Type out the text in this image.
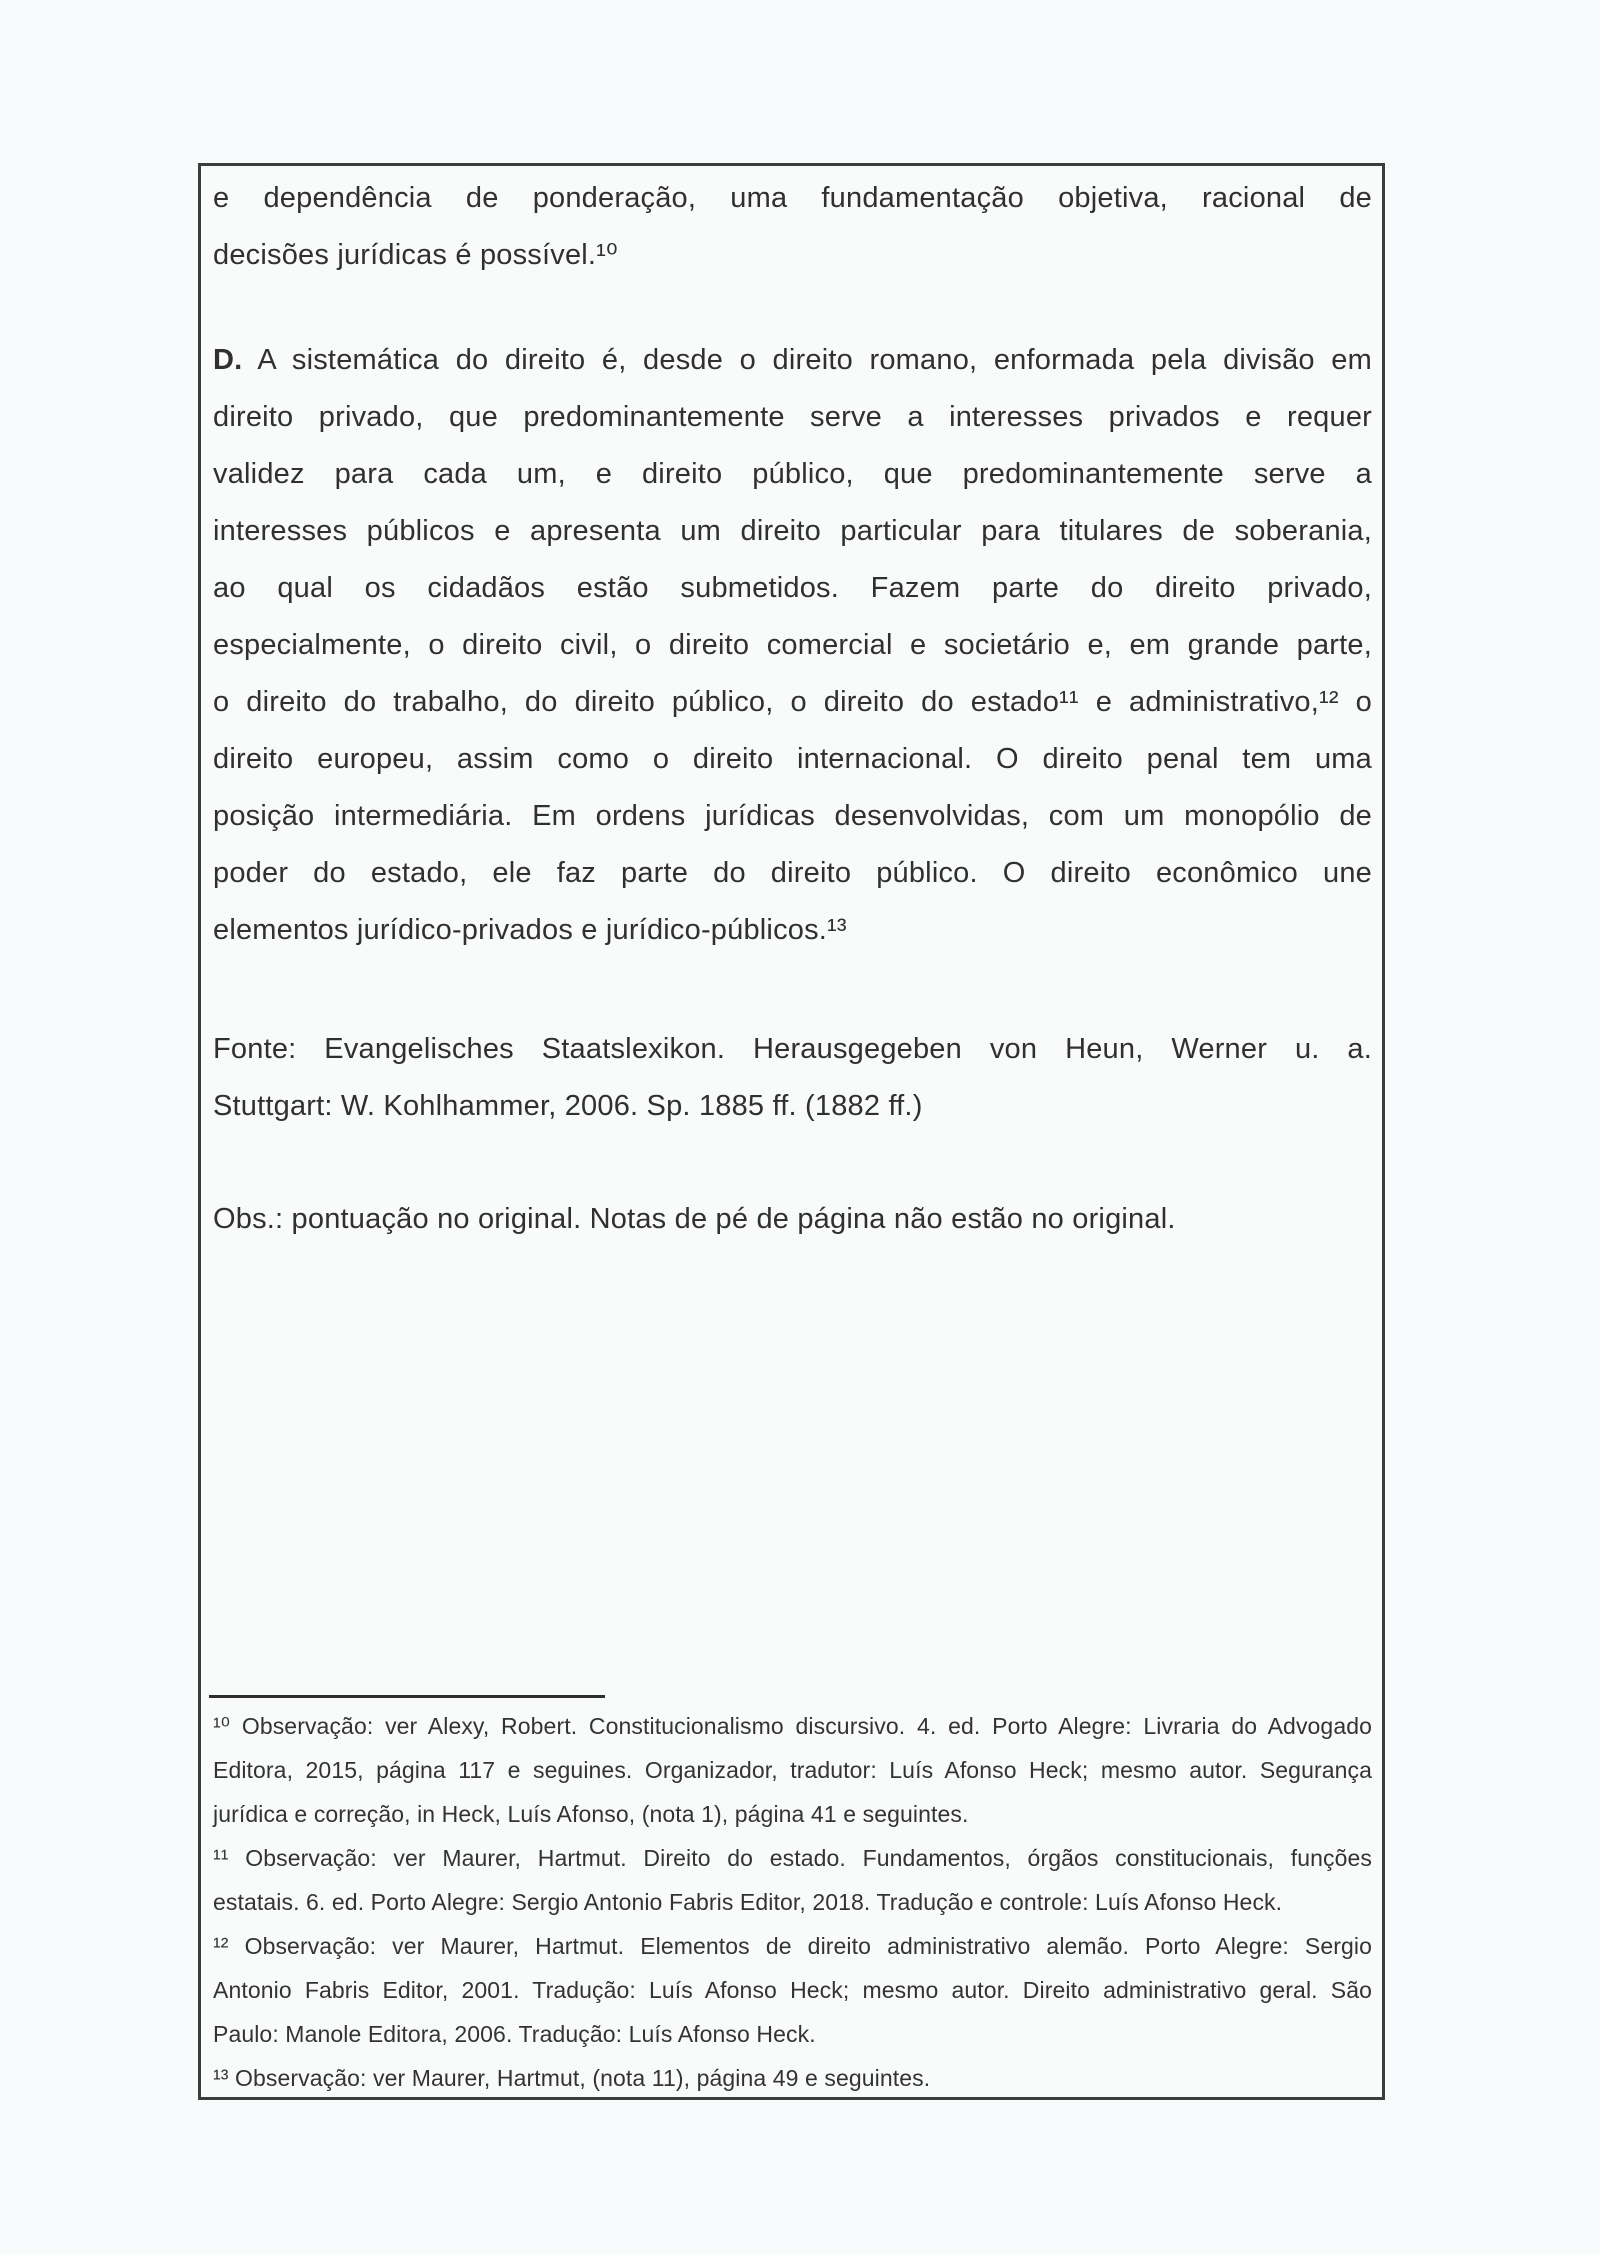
e dependência de ponderação, uma fundamentação objetiva, racional de
decisões jurídicas é possível.¹⁰
D. A sistemática do direito é, desde o direito romano, enformada pela divisão em
direito privado, que predominantemente serve a interesses privados e requer
validez para cada um, e direito público, que predominantemente serve a
interesses públicos e apresenta um direito particular para titulares de soberania,
ao qual os cidadãos estão submetidos. Fazem parte do direito privado,
especialmente, o direito civil, o direito comercial e societário e, em grande parte,
o direito do trabalho, do direito público, o direito do estado¹¹ e administrativo,¹² o
direito europeu, assim como o direito internacional. O direito penal tem uma
posição intermediária. Em ordens jurídicas desenvolvidas, com um monopólio de
poder do estado, ele faz parte do direito público. O direito econômico une
elementos jurídico-privados e jurídico-públicos.¹³
Fonte: Evangelisches Staatslexikon. Herausgegeben von Heun, Werner u. a.
Stuttgart: W. Kohlhammer, 2006. Sp. 1885 ff. (1882 ff.)
Obs.: pontuação no original. Notas de pé de página não estão no original.
¹⁰ Observação: ver Alexy, Robert. Constitucionalismo discursivo. 4. ed. Porto Alegre: Livraria do Advogado
Editora, 2015, página 117 e seguines. Organizador, tradutor: Luís Afonso Heck; mesmo autor. Segurança
jurídica e correção, in Heck, Luís Afonso, (nota 1), página 41 e seguintes.
¹¹ Observação: ver Maurer, Hartmut. Direito do estado. Fundamentos, órgãos constitucionais, funções
estatais. 6. ed. Porto Alegre: Sergio Antonio Fabris Editor, 2018. Tradução e controle: Luís Afonso Heck.
¹² Observação: ver Maurer, Hartmut. Elementos de direito administrativo alemão. Porto Alegre: Sergio
Antonio Fabris Editor, 2001. Tradução: Luís Afonso Heck; mesmo autor. Direito administrativo geral. São
Paulo: Manole Editora, 2006. Tradução: Luís Afonso Heck.
¹³ Observação: ver Maurer, Hartmut, (nota 11), página 49 e seguintes.
